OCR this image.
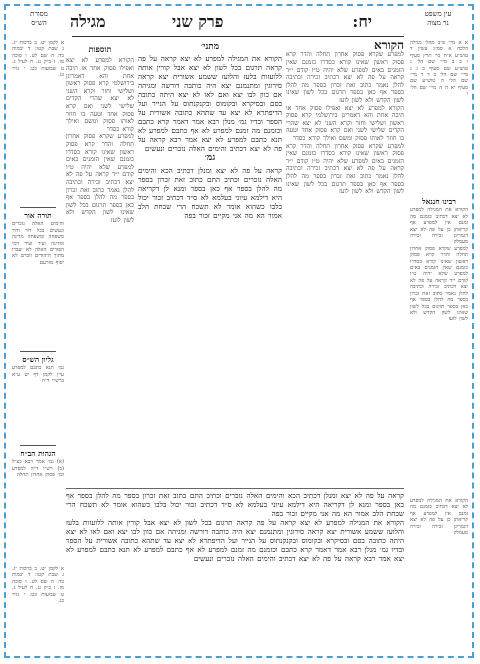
עין משפט
נר מצוה
יח:
פרק שני
מגילה
מסורת
הש״ס
א א מיי׳ פ״ב מהל׳ מגילה הלכה א סמ״ג עשין ד טוש״ע א״ח סי׳ תרץ סעיף ו ב ב מיי׳ שם הל׳ ג טוש״ע שם סעיף ב ג ג מיי׳ שם הל׳ ב ד ד מיי׳ שם הל׳ ה טוש״ע שם סעיף יא ה ה מיי׳ שם הל׳ ו
רבינו חננאל
הקורא את המגילה למפרע לא יצא דכתיב כזמנם מה זמנם אין למפרע אף קריאתן כן על פה לא יצא דגמרינן זכירה זכירה מעמלק
למפרע שקרא פסוק אחרון תחלה והדר קרא פסוק ראשון שאינו קורא כסדרו כזמנם שאין הזמנים באים למפרע שלא יהיה ט״ו קודם י״ד קראה על פה לא יצא דכתיב זכירה וכתיבה להלן נאמר כתוב זאת זכרון בספר מה להלן בספר אף כאן בספר תרגום בכל לשון שאינו לשון הקדש ולא לשון לועז
הקורא
למפרע שקרא פסוק אחרון תחלה והדר קרא פסוק ראשון שאינו קורא כסדרו כזמנם שאין הזמנים באים למפרע שלא יהיה ט״ו קודם י״ד קראה על פה לא יצא דכתיב זכירה וכתיבה להלן נאמר כתוב זאת זכרון בספר מה להלן בספר אף כאן בספר תרגום בכל לשון שאינו לשון הקדש ולא לשון לועז
הקורא למפרע לא יצא ואפילו פסוק אחד או תיבה אחת והא דאמרינן בירושלמי קרא פסוק ראשון ושלישי וחזר וקרא השני לא יצא שהרי הקדים שלישי לשני ואם קרא פסוק אחד וטעה בו חוזר לאותו פסוק ומשם ואילך קורא כסדר
למפרע שקרא פסוק אחרון תחלה והדר קרא פסוק ראשון שאינו קורא כסדרו כזמנם שאין הזמנים באים למפרע שלא יהיה ט״ו קודם י״ד קראה על פה לא יצא דכתיב זכירה וכתיבה להלן נאמר כתוב זאת זכרון בספר מה להלן בספר אף כאן בספר תרגום בכל לשון שאינו לשון הקדש ולא לשון לועז
מתני׳
הקורא את המגילה למפרע לא יצא קראה על פה קראה תרגום בכל לשון לא יצא אבל קורין אותה ללועזות בלעז והלועז ששמע אשורית יצא קראה סירוגין ומתנמנם יצא היה כותבה דורשה ומגיהה אם כוון לבו יצא ואם לאו לא יצא היתה כתובה בסם ובסיקרא ובקומוס ובקנקנתוס על הנייר ועל הדיפתרא לא יצא עד שתהא כתובה אשורית על הספר ובדיו גמ׳ מנלן רבא אמר דאמר קרא כתבם וכזמנם מה זמנם למפרע לא אף כתבם למפרע לא תנא כתבם למפרע לא יצא אמר רבא קראה על פה לא יצא דכתיב והימים האלה נזכרים ונעשים
גמ׳
קראה על פה לא יצא ומנלן דכתיב הכא והימים האלה נזכרים וכתיב התם כתוב זאת זכרון בספר מה להלן בספר אף כאן בספר ומנא לן דקריאה היא דילמא עיוני בעלמא לא ס״ד דכתיב זכור יכול בלבו כשהוא אומר לא תשכח הרי שכחת הלב אמור הא מה אני מקיים זכור בפה
תוספות
הקורא למפרע לא יצא ואפילו פסוק אחד או תיבה אחת והא דאמרינן בירושלמי קרא פסוק ראשון ושלישי וחזר וקרא השני לא יצא שהרי הקדים שלישי לשני ואם קרא פסוק אחד וטעה בו חוזר לאותו פסוק ומשם ואילך קורא כסדר
למפרע שקרא פסוק אחרון תחלה והדר קרא פסוק ראשון שאינו קורא כסדרו כזמנם שאין הזמנים באים למפרע שלא יהיה ט״ו קודם י״ד קראה על פה לא יצא דכתיב זכירה וכתיבה להלן נאמר כתוב זאת זכרון בספר מה להלן בספר אף כאן בספר תרגום בכל לשון שאינו לשון הקדש ולא לשון לועז
א לקמן יט. ב ברכות יג. ג שבת קטו: ד יבמות כד: ה שם לט. ו סוכה מו. ז ב״ק נג. ח לעיל ג. ט שבועות כט: י נזיר כג.
תורה אור
והימים האלה נזכרים ונעשים בכל דור ודור משפחה ומשפחה מדינה ומדינה ועיר ועיר וימי הפורים האלה לא יעברו מתוך היהודים וזכרם לא יסוף מזרעם
גליון הש״ס
גמ׳ תנא כתבם למפרע עיין לקמן דף יט ע״א ברש״י ד״ה
הגהות הב״ח
(א) גמ׳ אמר רבא כצ״ל (ב) רש״י ד״ה למפרע וכו׳ פסוק אחרון תחלה
קראה על פה לא יצא ומנלן דכתיב הכא והימים האלה נזכרים וכתיב התם כתוב זאת זכרון בספר מה להלן בספר אף כאן בספר ומנא לן דקריאה היא דילמא עיוני בעלמא לא ס״ד דכתיב זכור יכול בלבו כשהוא אומר לא תשכח הרי שכחת הלב אמור הא מה אני מקיים זכור בפה
הקורא את המגילה למפרע לא יצא קראה על פה קראה תרגום בכל לשון לא יצא אבל קורין אותה ללועזות בלעז והלועז ששמע אשורית יצא קראה סירוגין ומתנמנם יצא היה כותבה דורשה ומגיהה אם כוון לבו יצא ואם לאו לא יצא היתה כתובה בסם ובסיקרא ובקומוס ובקנקנתוס על הנייר ועל הדיפתרא לא יצא עד שתהא כתובה אשורית על הספר ובדיו גמ׳ מנלן רבא אמר דאמר קרא כתבם וכזמנם מה זמנם למפרע לא אף כתבם למפרע לא תנא כתבם למפרע לא יצא אמר רבא קראה על פה לא יצא דכתיב והימים האלה נזכרים ונעשים
הקורא את המגילה למפרע לא יצא דכתיב כזמנם מה זמנם אין למפרע אף קריאתן כן על פה לא יצא דגמרינן זכירה זכירה מעמלק
א לקמן יט. ב ברכות יג. ג שבת קטו: ד יבמות כד: ה שם לט. ו סוכה מו. ז ב״ק נג. ח לעיל ג. ט שבועות כט: י נזיר כג.
